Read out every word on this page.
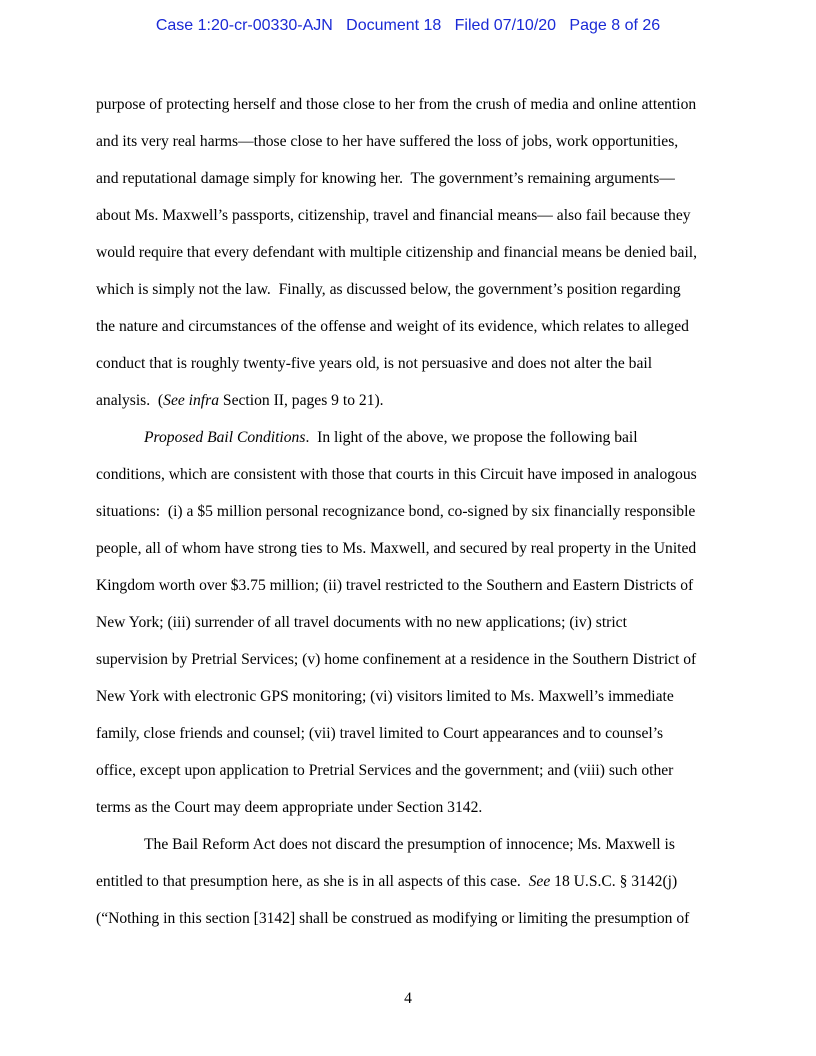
Case 1:20-cr-00330-AJN Document 18 Filed 07/10/20 Page 8 of 26
purpose of protecting herself and those close to her from the crush of media and online attention
and its very real harms—those close to her have suffered the loss of jobs, work opportunities,
and reputational damage simply for knowing her.  The government’s remaining arguments—
about Ms. Maxwell’s passports, citizenship, travel and financial means— also fail because they
would require that every defendant with multiple citizenship and financial means be denied bail,
which is simply not the law.  Finally, as discussed below, the government’s position regarding
the nature and circumstances of the offense and weight of its evidence, which relates to alleged
conduct that is roughly twenty-five years old, is not persuasive and does not alter the bail
analysis.  (See infra Section II, pages 9 to 21).
Proposed Bail Conditions.  In light of the above, we propose the following bail
conditions, which are consistent with those that courts in this Circuit have imposed in analogous
situations:  (i) a $5 million personal recognizance bond, co-signed by six financially responsible
people, all of whom have strong ties to Ms. Maxwell, and secured by real property in the United
Kingdom worth over $3.75 million; (ii) travel restricted to the Southern and Eastern Districts of
New York; (iii) surrender of all travel documents with no new applications; (iv) strict
supervision by Pretrial Services; (v) home confinement at a residence in the Southern District of
New York with electronic GPS monitoring; (vi) visitors limited to Ms. Maxwell’s immediate
family, close friends and counsel; (vii) travel limited to Court appearances and to counsel’s
office, except upon application to Pretrial Services and the government; and (viii) such other
terms as the Court may deem appropriate under Section 3142.
The Bail Reform Act does not discard the presumption of innocence; Ms. Maxwell is
entitled to that presumption here, as she is in all aspects of this case.  See 18 U.S.C. § 3142(j)
(“Nothing in this section [3142] shall be construed as modifying or limiting the presumption of
4
